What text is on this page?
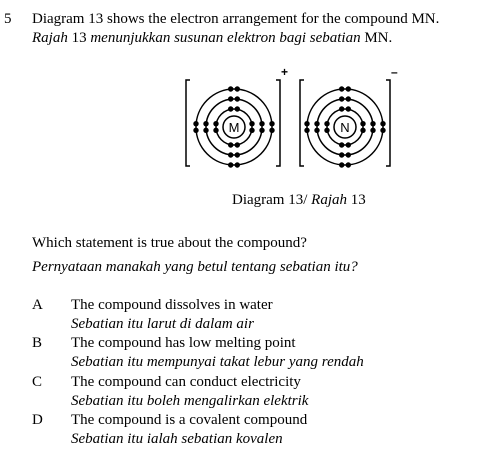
5 Diagram 13 shows the electron arrangement for the compound MN.
Rajah 13 menunjukkan susunan elektron bagi sebatian MN.
M
+
N
–
Diagram 13/ Rajah 13
Which statement is true about the compound?
Pernyataan manakah yang betul tentang sebatian itu?
A The compound dissolves in water
Sebatian itu larut di dalam air
B The compound has low melting point
Sebatian itu mempunyai takat lebur yang rendah
C The compound can conduct electricity
Sebatian itu boleh mengalirkan elektrik
D The compound is a covalent compound
Sebatian itu ialah sebatian kovalen
